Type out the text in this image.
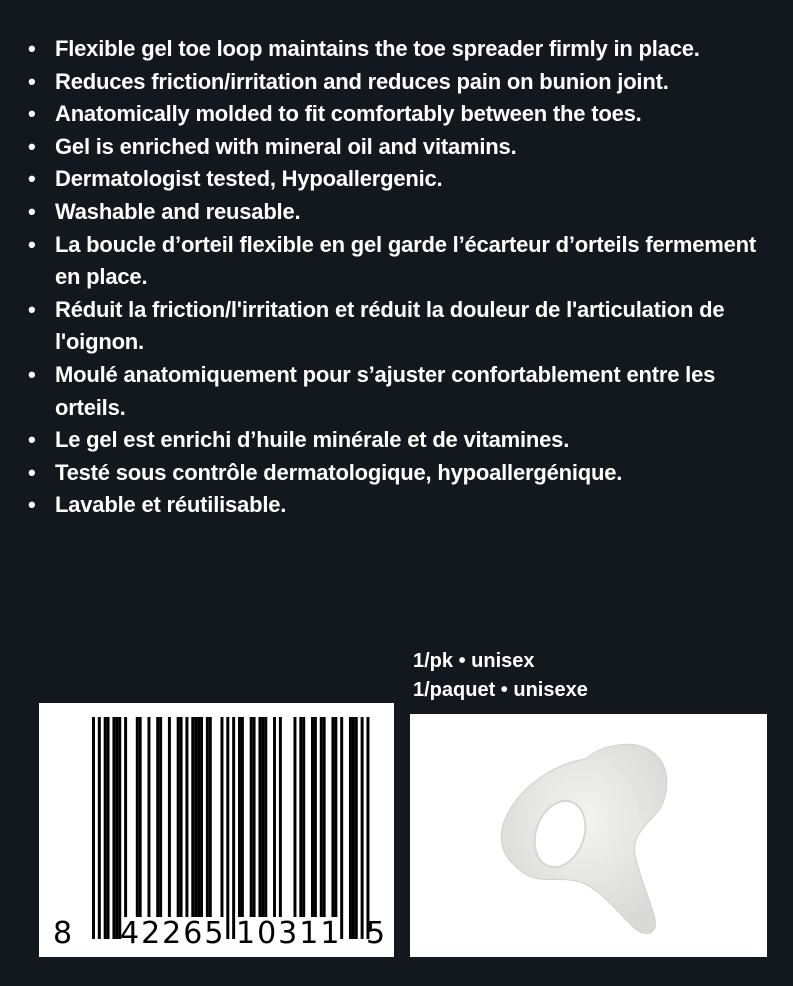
• Flexible gel toe loop maintains the toe spreader firmly in place.
• Reduces friction/irritation and reduces pain on bunion joint.
• Anatomically molded to fit comfortably between the toes.
• Gel is enriched with mineral oil and vitamins.
• Dermatologist tested, Hypoallergenic.
• Washable and reusable.
• La boucle d’orteil flexible en gel garde l’écarteur d’orteils fermement en place.
• Réduit la friction/l'irritation et réduit la douleur de l'articulation de l'oignon.
• Moulé anatomiquement pour s’ajuster confortablement entre les orteils.
• Le gel est enrichi d’huile minérale et de vitamines.
• Testé sous contrôle dermatologique, hypoallergénique.
• Lavable et réutilisable.
1/pk • unisex
1/paquet • unisexe
8 42265 10311 5
